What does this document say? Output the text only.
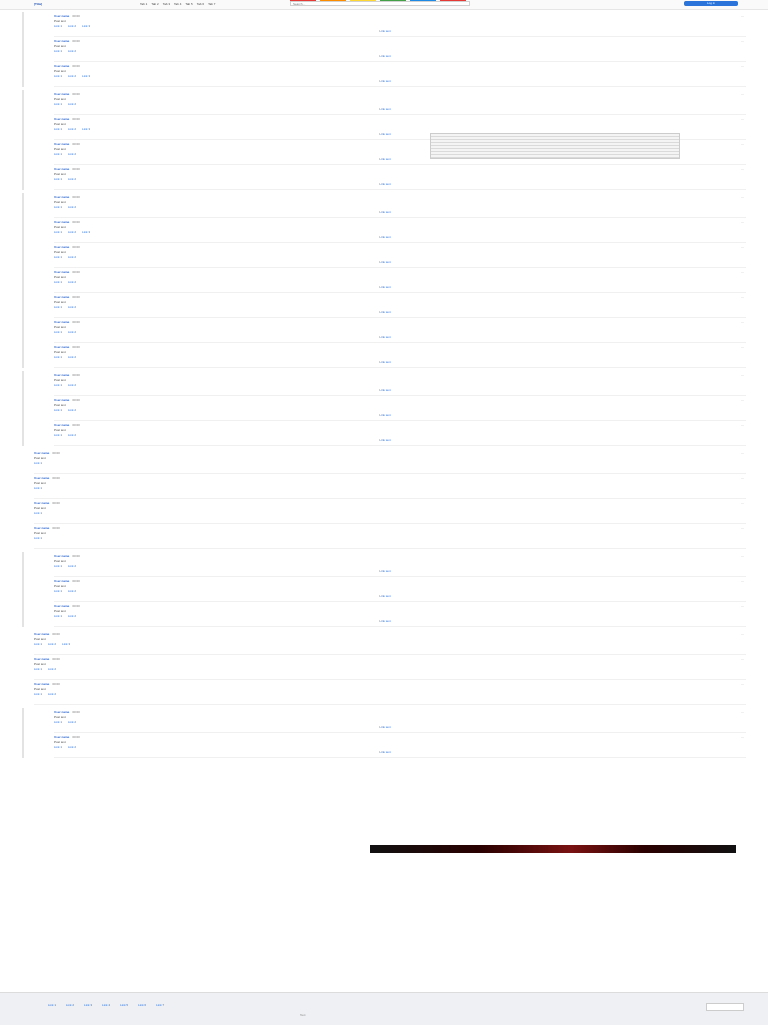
[Title]	Tab 1 Tab 2 Tab 3 Tab 4 Tab 5 Tab 6 Tab 7
Search…	Log in
User name 00:00
Post text
Link 1 Link 2 Link 3
Link text
⋯
User name 00:00
Post text
Link 1 Link 2
Link text
⋯
User name 00:00
Post text
Link 1 Link 2 Link 3
Link text
⋯
User name 00:00
Post text
Link 1 Link 2
Link text
⋯
User name 00:00
Post text
Link 1 Link 2 Link 3
Link text
⋯
User name 00:00
Post text
Link 1 Link 2
Link text
⋯
User name 00:00
Post text
Link 1 Link 2
Link text
⋯
User name 00:00
Post text
Link 1 Link 2
Link text
⋯
User name 00:00
Post text
Link 1 Link 2 Link 3
Link text
⋯
User name 00:00
Post text
Link 1 Link 2
Link text
⋯
User name 00:00
Post text
Link 1 Link 2
Link text
⋯
User name 00:00
Post text
Link 1 Link 2
Link text
⋯
User name 00:00
Post text
Link 1 Link 2
Link text
⋯
User name 00:00
Post text
Link 1 Link 2
Link text
⋯
User name 00:00
Post text
Link 1 Link 2
Link text
⋯
User name 00:00
Post text
Link 1 Link 2
Link text
⋯
User name 00:00
Post text
Link 1 Link 2
Link text
⋯
User name 00:00
Post text
Link 1
⋯
User name 00:00
Post text
Link 1
⋯
User name 00:00
Post text
Link 1
⋯
User name 00:00
Post text
Link 1
⋯
User name 00:00
Post text
Link 1 Link 2
Link text
⋯
User name 00:00
Post text
Link 1 Link 2
Link text
⋯
User name 00:00
Post text
Link 1 Link 2
Link text
⋯
User name 00:00
Post text
Link 1 Link 2 Link 3
⋯
User name 00:00
Post text
Link 1 Link 2
⋯
User name 00:00
Post text
Link 1 Link 2
⋯
User name 00:00
Post text
Link 1 Link 2
Link text
⋯
User name 00:00
Post text
Link 1 Link 2
Link text
⋯
Link 1	Link 2	Link 3	Link 4	Link 5	Link 6	Link 7
Text
